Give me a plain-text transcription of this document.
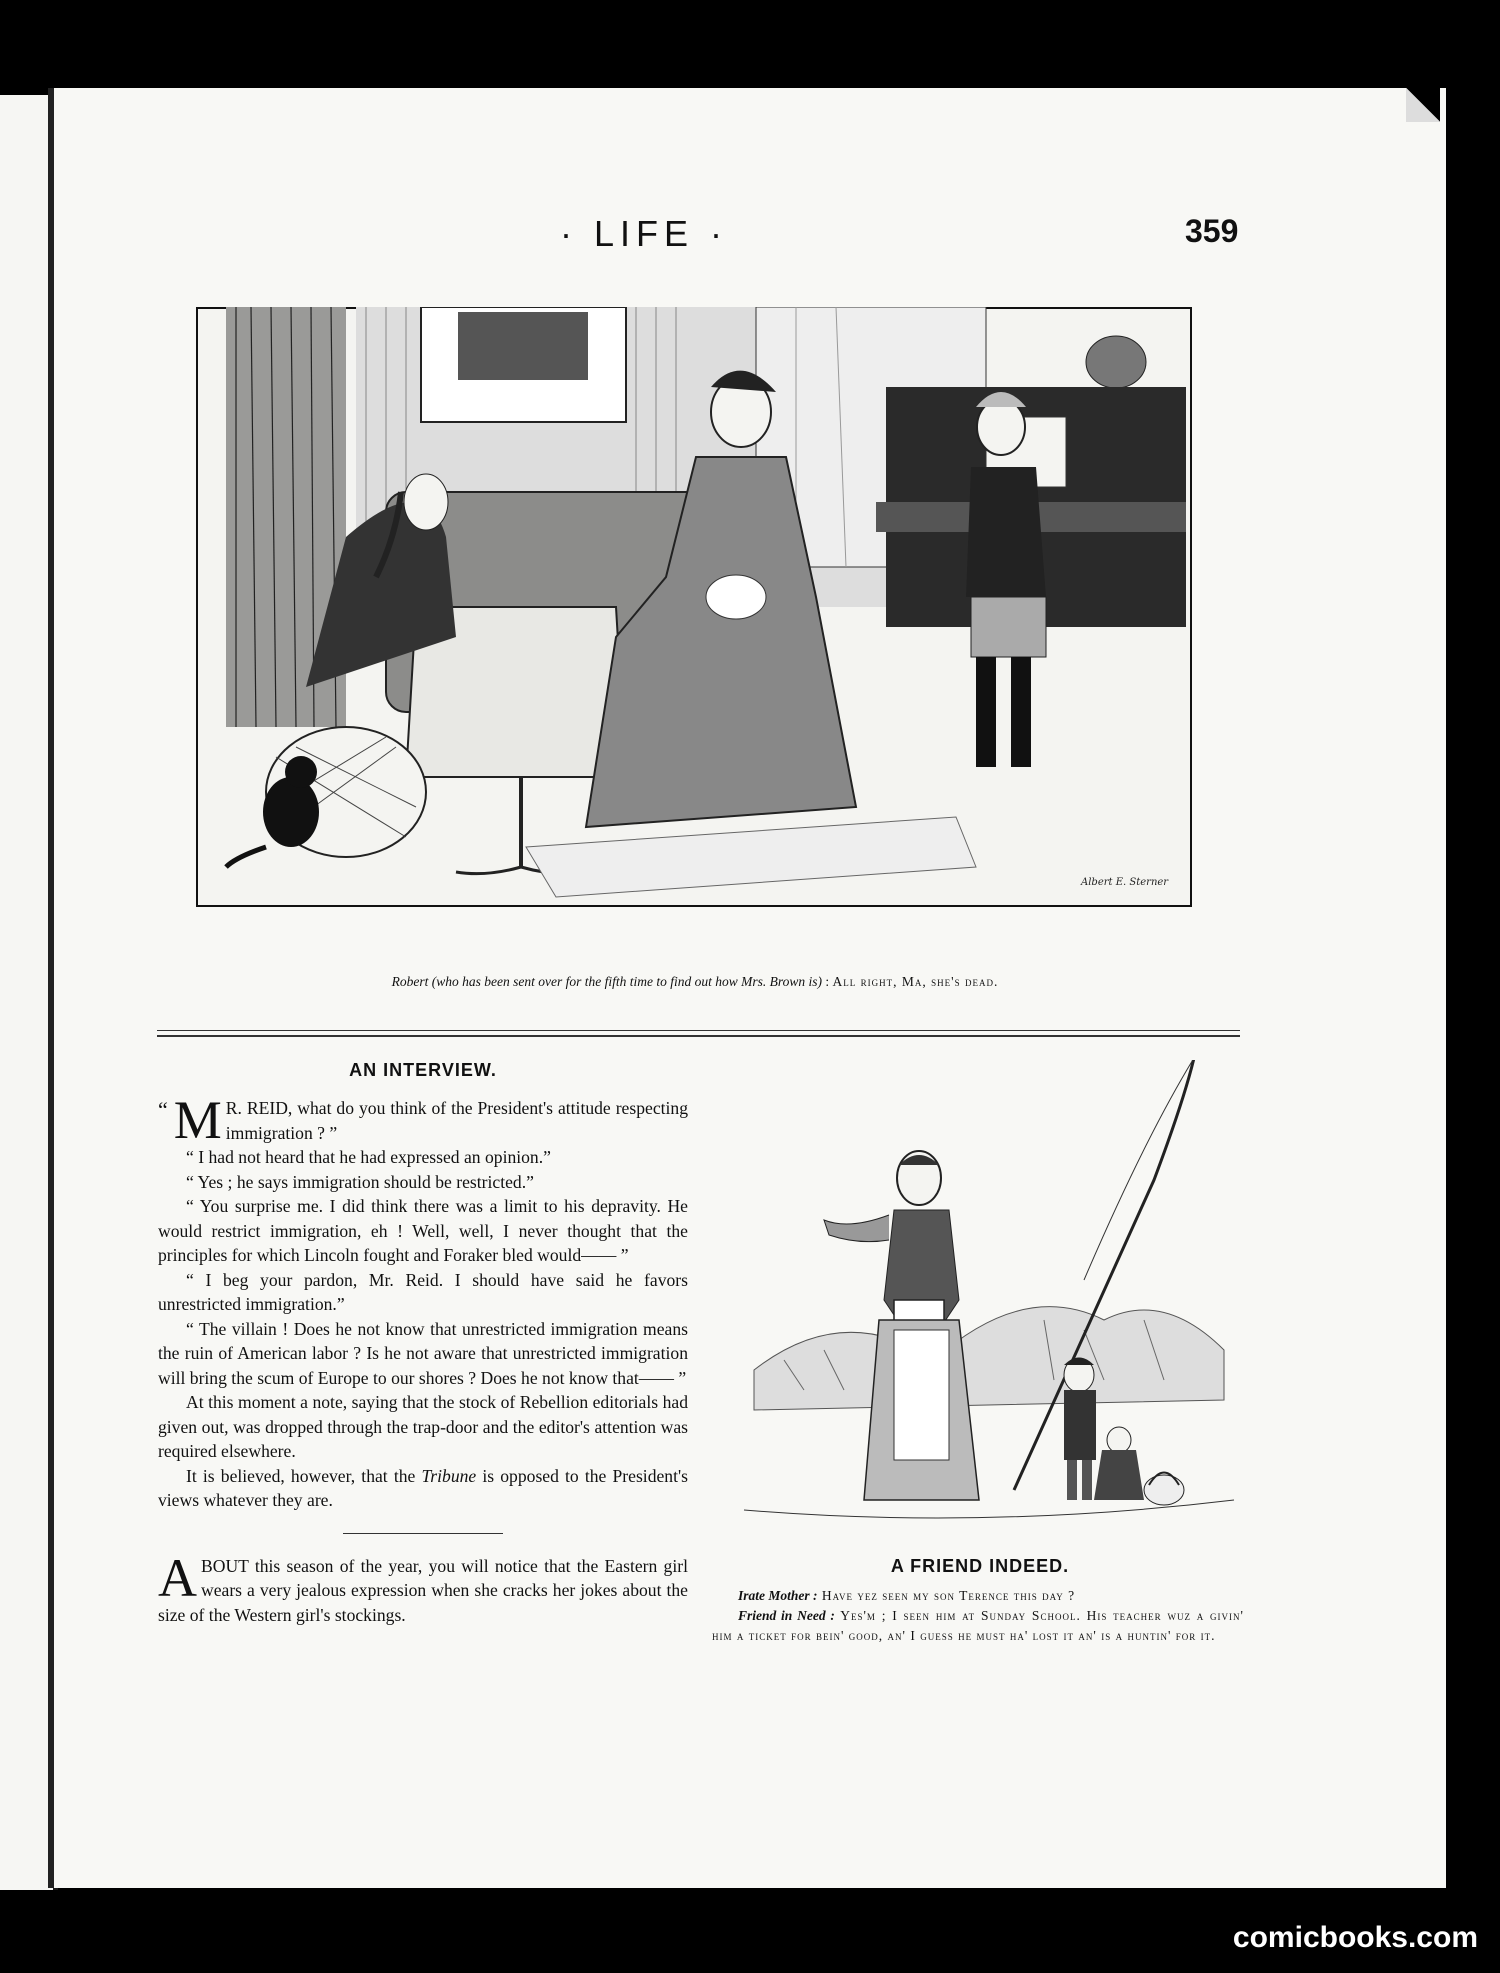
· LIFE ·	359
Albert E. Sterner
Robert (who has been sent over for the fifth time to find out how Mrs. Brown is) : All right, Ma, she's dead.
AN INTERVIEW.

“ M R. REID, what do you think of the President's attitude respecting immigration ? ”

“ I had not heard that he had expressed an opinion.”

“ Yes ; he says immigration should be restricted.”

“ You surprise me. I did think there was a limit to his depravity. He would restrict immigration, eh ! Well, well, I never thought that the principles for which Lincoln fought and Foraker bled would—— ”

“ I beg your pardon, Mr. Reid. I should have said he favors unrestricted immigration.”

“ The villain ! Does he not know that unrestricted immigration means the ruin of American labor ? Is he not aware that unrestricted immigration will bring the scum of Europe to our shores ? Does he not know that—— ”

At this moment a note, saying that the stock of Rebellion editorials had given out, was dropped through the trap-door and the editor's attention was required elsewhere.

It is believed, however, that the Tribune is opposed to the President's views whatever they are.

ABOUT this season of the year, you will notice that the Eastern girl wears a very jealous expression when she cracks her jokes about the size of the Western girl's stockings.

A FRIEND INDEED.

Irate Mother : Have yez seen my son Terence this day ?

Friend in Need : Yes'm ; I seen him at Sunday School. His teacher wuz a givin' him a ticket for bein' good, an' I guess he must ha' lost it an' is a huntin' for it.

comicbooks.com
